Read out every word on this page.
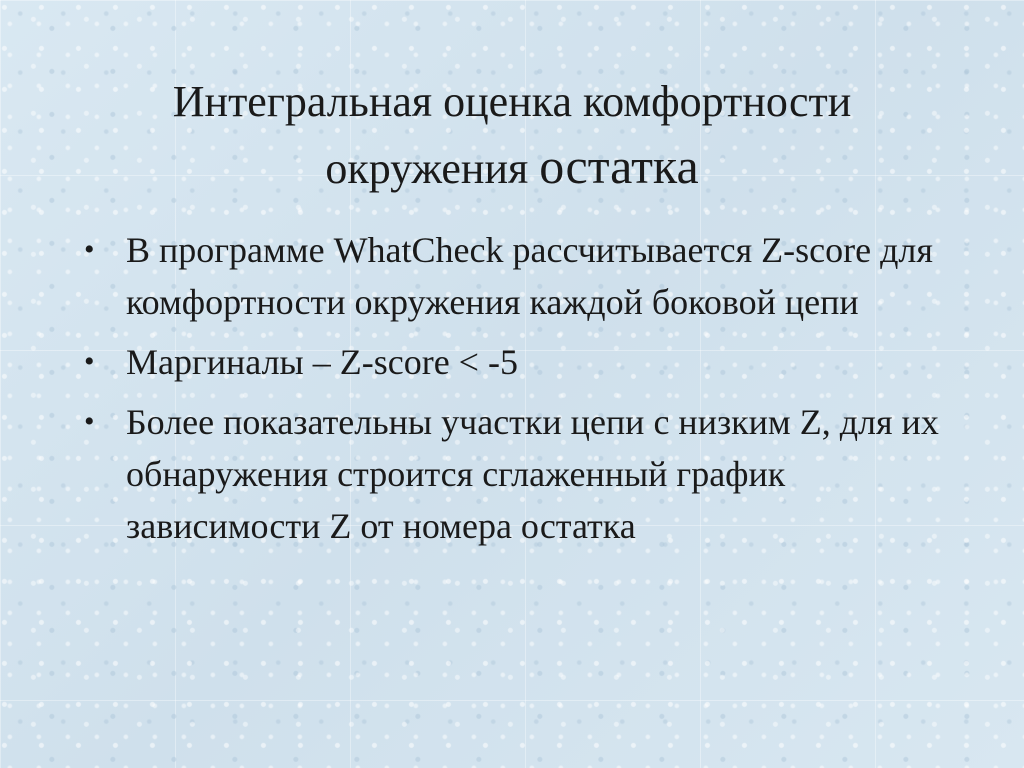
Интегральная оценка комфортности
окружения остатка
• В программе WhatCheck рассчитывается Z-score для комфортности окружения каждой боковой цепи
• Маргиналы – Z-score < -5
• Более показательны участки цепи с низким Z, для их обнаружения строится сглаженный график зависимости Z от номера остатка
